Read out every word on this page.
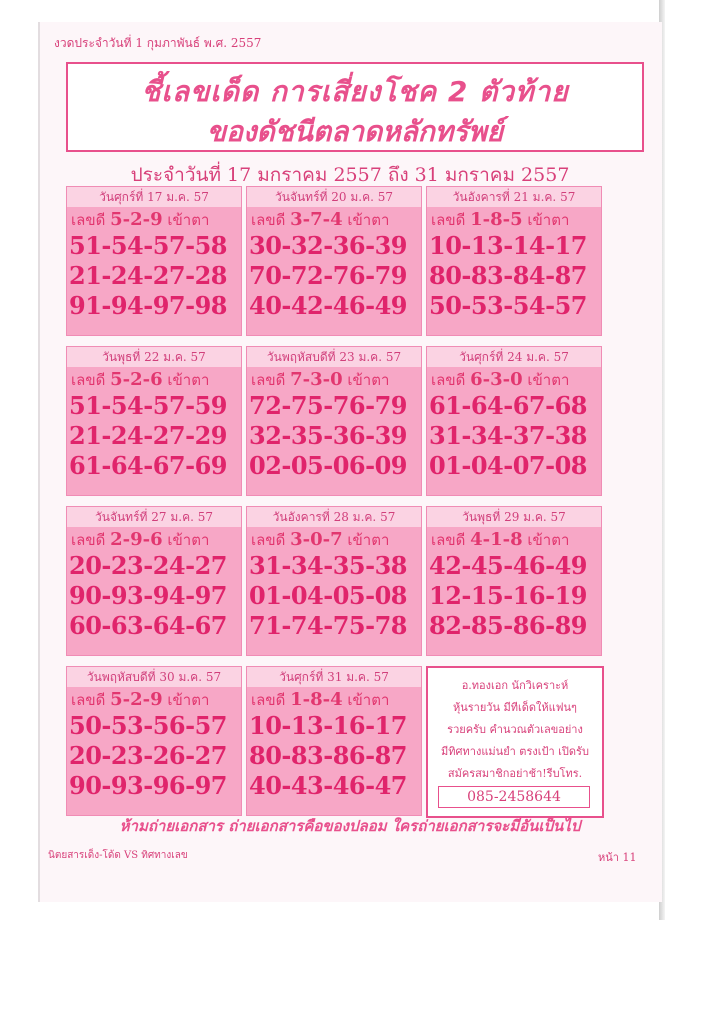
งวดประจำวันที่ 1 กุมภาพันธ์ พ.ศ. 2557
ชี้เลขเด็ด การเสี่ยงโชค 2 ตัวท้าย
ของดัชนีตลาดหลักทรัพย์
ประจำวันที่ 17 มกราคม 2557 ถึง 31 มกราคม 2557
วันศุกร์ที่ 17 ม.ค. 57
เลขดี 5-2-9 เข้าตา
51-54-57-58
21-24-27-28
91-94-97-98
วันจันทร์ที่ 20 ม.ค. 57
เลขดี 3-7-4 เข้าตา
30-32-36-39
70-72-76-79
40-42-46-49
วันอังคารที่ 21 ม.ค. 57
เลขดี 1-8-5 เข้าตา
10-13-14-17
80-83-84-87
50-53-54-57
วันพุธที่ 22 ม.ค. 57
เลขดี 5-2-6 เข้าตา
51-54-57-59
21-24-27-29
61-64-67-69
วันพฤหัสบดีที่ 23 ม.ค. 57
เลขดี 7-3-0 เข้าตา
72-75-76-79
32-35-36-39
02-05-06-09
วันศุกร์ที่ 24 ม.ค. 57
เลขดี 6-3-0 เข้าตา
61-64-67-68
31-34-37-38
01-04-07-08
วันจันทร์ที่ 27 ม.ค. 57
เลขดี 2-9-6 เข้าตา
20-23-24-27
90-93-94-97
60-63-64-67
วันอังคารที่ 28 ม.ค. 57
เลขดี 3-0-7 เข้าตา
31-34-35-38
01-04-05-08
71-74-75-78
วันพุธที่ 29 ม.ค. 57
เลขดี 4-1-8 เข้าตา
42-45-46-49
12-15-16-19
82-85-86-89
วันพฤหัสบดีที่ 30 ม.ค. 57
เลขดี 5-2-9 เข้าตา
50-53-56-57
20-23-26-27
90-93-96-97
วันศุกร์ที่ 31 ม.ค. 57
เลขดี 1-8-4 เข้าตา
10-13-16-17
80-83-86-87
40-43-46-47
อ.ทองเอก นักวิเคราะห์
หุ้นรายวัน มีทีเด็ดให้แฟนๆ
รวยครับ คำนวณตัวเลขอย่าง
มีทิศทางแม่นยำ ตรงเป้า เปิดรับ
สมัครสมาชิกอย่าช้า!รีบโทร.
085-2458644
ห้ามถ่ายเอกสาร ถ่ายเอกสารคือของปลอม ใครถ่ายเอกสารจะมีอันเป็นไป
นิตยสารเด็ง-โด้ด VS ทิศทางเลข	หน้า 11
